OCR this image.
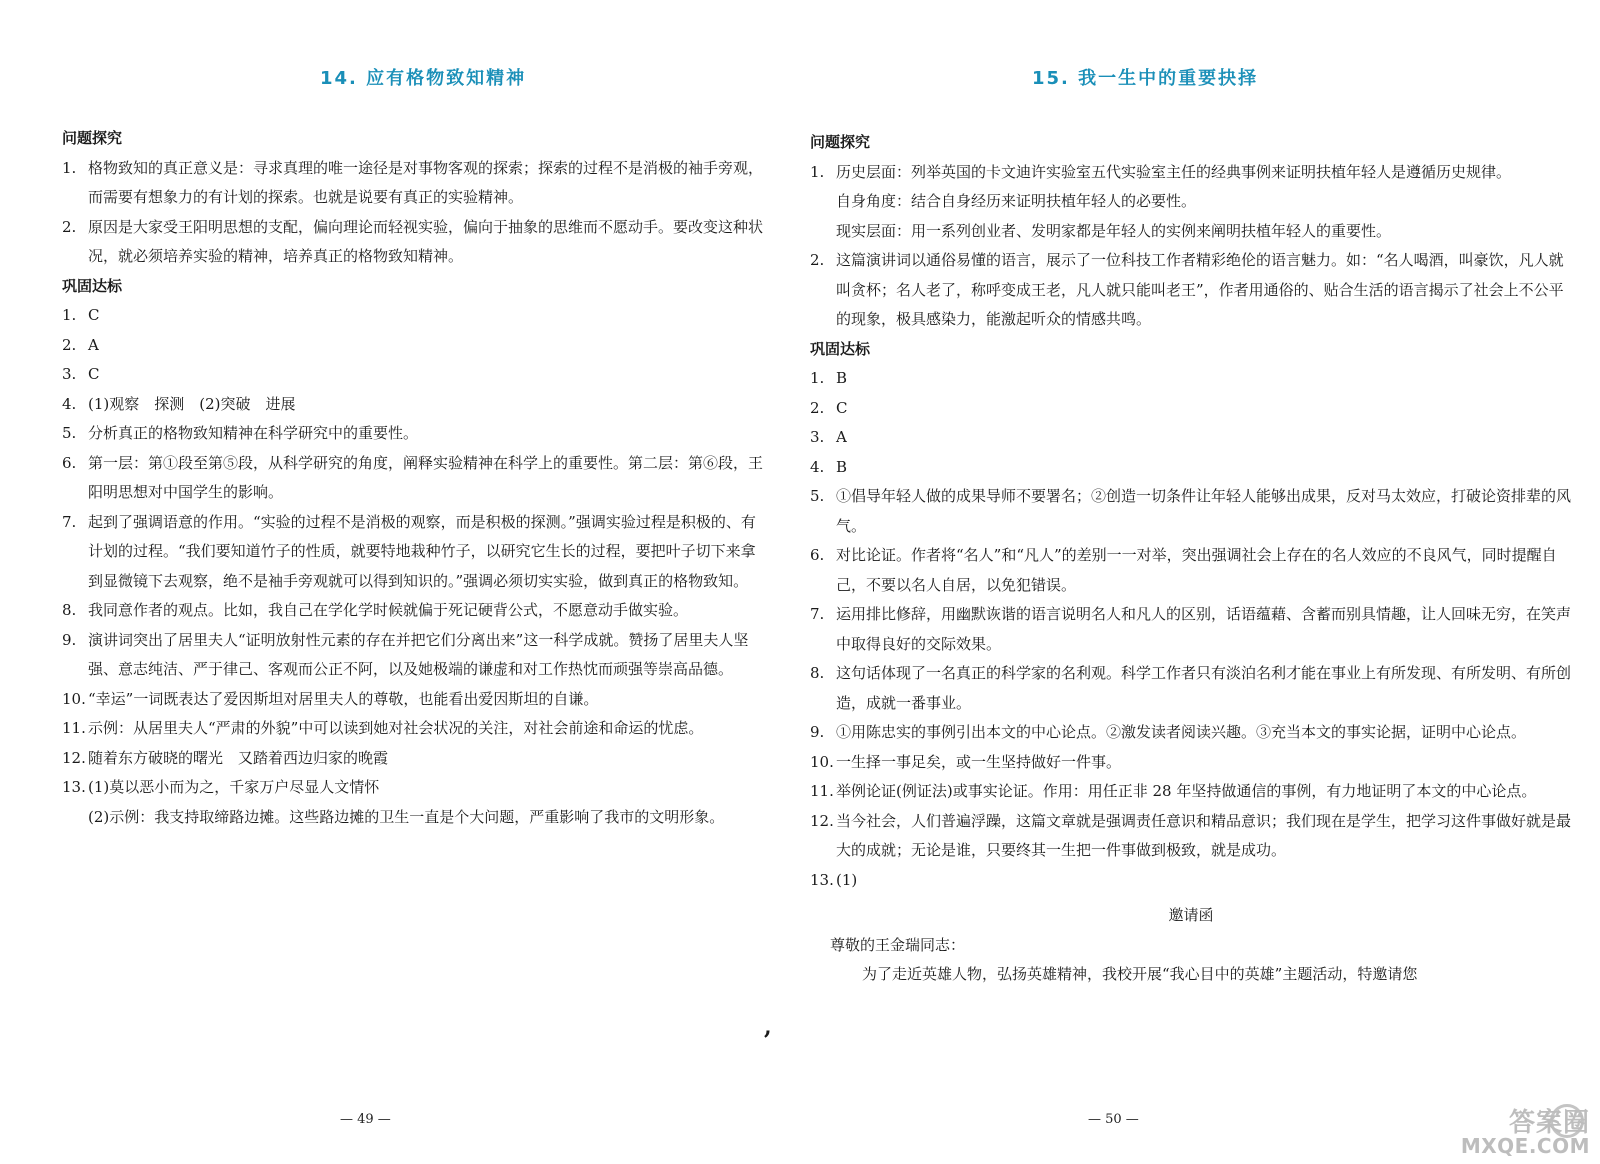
14. 应有格物致知精神

问题探究

1. 格物致知的真正意义是：寻求真理的唯一途径是对事物客观的探索；探索的过程不是消极的袖手旁观，而需要有想象力的有计划的探索。也就是说要有真正的实验精神。

2. 原因是大家受王阳明思想的支配，偏向理论而轻视实验，偏向于抽象的思维而不愿动手。要改变这种状况，就必须培养实验的精神，培养真正的格物致知精神。

巩固达标

1. C

2. A

3. C

4. (1)观察　探测　(2)突破　进展

5. 分析真正的格物致知精神在科学研究中的重要性。

6. 第一层：第①段至第⑤段，从科学研究的角度，阐释实验精神在科学上的重要性。第二层：第⑥段，王阳明思想对中国学生的影响。

7. 起到了强调语意的作用。“实验的过程不是消极的观察，而是积极的探测。”强调实验过程是积极的、有计划的过程。“我们要知道竹子的性质，就要特地栽种竹子，以研究它生长的过程，要把叶子切下来拿到显微镜下去观察，绝不是袖手旁观就可以得到知识的。”强调必须切实实验，做到真正的格物致知。

8. 我同意作者的观点。比如，我自己在学化学时候就偏于死记硬背公式，不愿意动手做实验。

9. 演讲词突出了居里夫人“证明放射性元素的存在并把它们分离出来”这一科学成就。赞扬了居里夫人坚强、意志纯洁、严于律己、客观而公正不阿，以及她极端的谦虚和对工作热忱而顽强等崇高品德。

10. “幸运”一词既表达了爱因斯坦对居里夫人的尊敬，也能看出爱因斯坦的自谦。

11. 示例：从居里夫人“严肃的外貌”中可以读到她对社会状况的关注，对社会前途和命运的忧虑。

12. 随着东方破晓的曙光　又踏着西边归家的晚霞

13. (1)莫以恶小而为之，千家万户尽显人文情怀

(2)示例：我支持取缔路边摊。这些路边摊的卫生一直是个大问题，严重影响了我市的文明形象。

— 49 —
15. 我一生中的重要抉择

问题探究

1. 历史层面：列举英国的卡文迪许实验室五代实验室主任的经典事例来证明扶植年轻人是遵循历史规律。

自身角度：结合自身经历来证明扶植年轻人的必要性。

现实层面：用一系列创业者、发明家都是年轻人的实例来阐明扶植年轻人的重要性。

2. 这篇演讲词以通俗易懂的语言，展示了一位科技工作者精彩绝伦的语言魅力。如：“名人喝酒，叫豪饮，凡人就叫贪杯；名人老了，称呼变成王老，凡人就只能叫老王”，作者用通俗的、贴合生活的语言揭示了社会上不公平的现象，极具感染力，能激起听众的情感共鸣。

巩固达标

1. B

2. C

3. A

4. B

5. ①倡导年轻人做的成果导师不要署名；②创造一切条件让年轻人能够出成果，反对马太效应，打破论资排辈的风气。

6. 对比论证。作者将“名人”和“凡人”的差别一一对举，突出强调社会上存在的名人效应的不良风气，同时提醒自己，不要以名人自居，以免犯错误。

7. 运用排比修辞，用幽默诙谐的语言说明名人和凡人的区别，话语蕴藉、含蓄而别具情趣，让人回味无穷，在笑声中取得良好的交际效果。

8. 这句话体现了一名真正的科学家的名利观。科学工作者只有淡泊名利才能在事业上有所发现、有所发明、有所创造，成就一番事业。

9. ①用陈忠实的事例引出本文的中心论点。②激发读者阅读兴趣。③充当本文的事实论据，证明中心论点。

10. 一生择一事足矣，或一生坚持做好一件事。

11. 举例论证(例证法)或事实论证。作用：用任正非 28 年坚持做通信的事例，有力地证明了本文的中心论点。

12. 当今社会，人们普遍浮躁，这篇文章就是强调责任意识和精品意识；我们现在是学生，把学习这件事做好就是最大的成就；无论是谁，只要终其一生把一件事做到极致，就是成功。

13. (1)

邀请函

尊敬的王金瑞同志：

为了走近英雄人物，弘扬英雄精神，我校开展“我心目中的英雄”主题活动，特邀请您

— 50 —
,
答案圈
MXQE.COM
